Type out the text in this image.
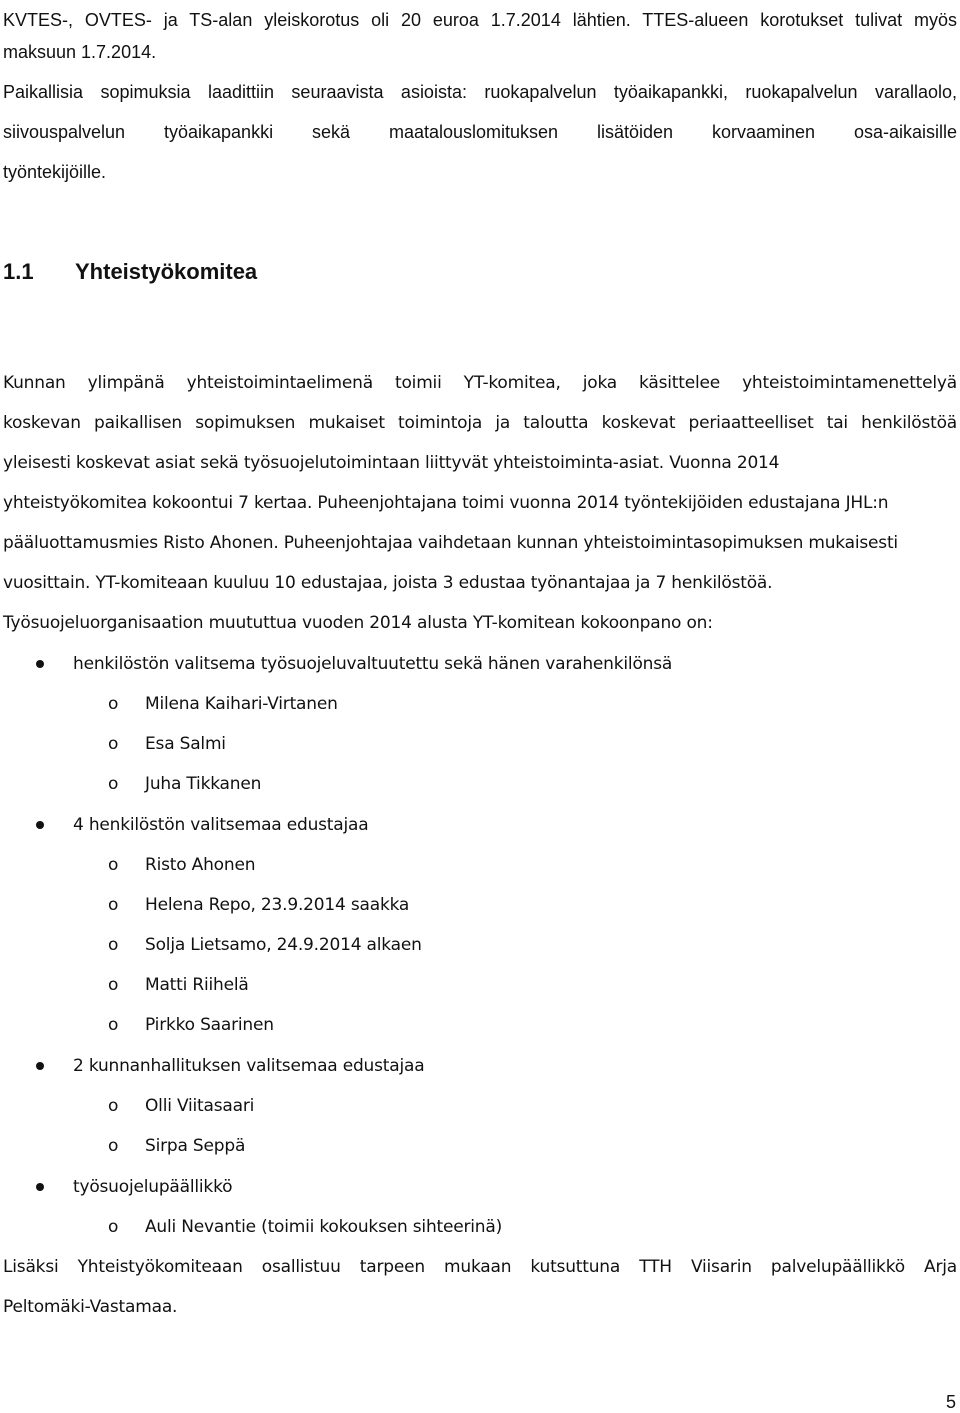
KVTES-, OVTES- ja TS-alan yleiskorotus oli 20 euroa 1.7.2014 lähtien. TTES-alueen korotukset tulivat myös

maksuun 1.7.2014.

Paikallisia sopimuksia laadittiin seuraavista asioista: ruokapalvelun työaikapankki, ruokapalvelun varallaolo,

siivouspalvelun työaikapankki sekä maatalouslomituksen lisätöiden korvaaminen osa-aikaisille

työntekijöille.

1.1 Yhteistyökomitea

Kunnan ylimpänä yhteistoimintaelimenä toimii YT-komitea, joka käsittelee yhteistoimintamenettelyä

koskevan paikallisen sopimuksen mukaiset toimintoja ja taloutta koskevat periaatteelliset tai henkilöstöä

yleisesti koskevat asiat sekä työsuojelutoimintaan liittyvät yhteistoiminta-asiat. Vuonna 2014

yhteistyökomitea kokoontui 7 kertaa. Puheenjohtajana toimi vuonna 2014 työntekijöiden edustajana JHL:n

pääluottamusmies Risto Ahonen. Puheenjohtajaa vaihdetaan kunnan yhteistoimintasopimuksen mukaisesti

vuosittain. YT-komiteaan kuuluu 10 edustajaa, joista 3 edustaa työnantajaa ja 7 henkilöstöä.

Työsuojeluorganisaation muututtua vuoden 2014 alusta YT-komitean kokoonpano on:

henkilöstön valitsema työsuojeluvaltuutettu sekä hänen varahenkilönsä
o Milena Kaihari-Virtanen
o Esa Salmi
o Juha Tikkanen
4 henkilöstön valitsemaa edustajaa
o Risto Ahonen
o Helena Repo, 23.9.2014 saakka
o Solja Lietsamo, 24.9.2014 alkaen
o Matti Riihelä
o Pirkko Saarinen
2 kunnanhallituksen valitsemaa edustajaa
o Olli Viitasaari
o Sirpa Seppä
työsuojelupäällikkö
o Auli Nevantie (toimii kokouksen sihteerinä)

Lisäksi Yhteistyökomiteaan osallistuu tarpeen mukaan kutsuttuna TTH Viisarin palvelupäällikkö Arja

Peltomäki-Vastamaa.

5
